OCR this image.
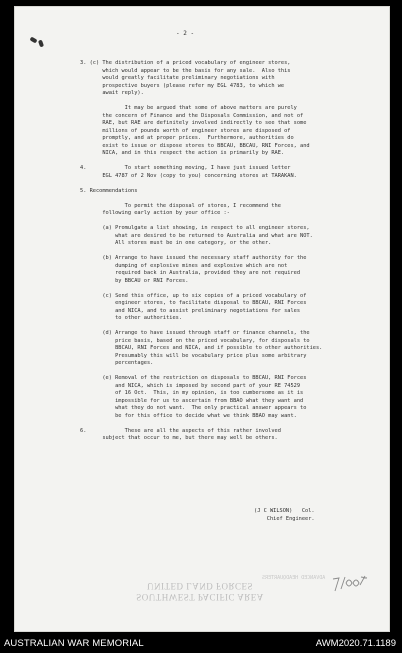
- 2 -
3. (c) The distribution of a priced vocabulary of engineer stores,
which would appear to be the basis for any sale.  Also this
would greatly facilitate preliminary negotiations with
prospective buyers (please refer my EGL 4783, to which we
await reply).
It may be argued that some of above matters are purely
the concern of Finance and the Disposals Commission, and not of
RAE, but RAE are definitely involved indirectly to see that some
millions of pounds worth of engineer stores are disposed of
promptly, and at proper prices.  Furthermore, authorities do
exist to issue or dispose stores to BBCAU, BBCAU, RNI Forces, and
NICA, and in this respect the action is primarily by RAE.
4.            To start something moving, I have just issued letter
EGL 4787 of 2 Nov (copy to you) concerning stores at TARAKAN.
5. Recommendations
To permit the disposal of stores, I recommend the
following early action by your office :-
(a) Promulgate a list showing, in respect to all engineer stores,
what are desired to be returned to Australia and what are NOT.
All stores must be in one category, or the other.
(b) Arrange to have issued the necessary staff authority for the
dumping of explosive mines and explosive which are not
required back in Australia, provided they are not required
by BBCAU or RNI Forces.
(c) Send this office, up to six copies of a priced vocabulary of
engineer stores, to facilitate disposal to BBCAU, RNI Forces
and NICA, and to assist preliminary negotiations for sales
to other authorities.
(d) Arrange to have issued through staff or finance channels, the
price basis, based on the priced vocabulary, for disposals to
BBCAU, RNI Forces and NICA, and if possible to other authorities.
Presumably this will be vocabulary price plus some arbitrary
percentages.
(e) Removal of the restriction on disposals to BBCAU, RNI Forces
and NICA, which is imposed by second part of your RE 74529
of 16 Oct.  This, in my opinion, is too cumbersome as it is
impossible for us to ascertain from BBAO what they want and
what they do not want.  The only practical answer appears to
be for this office to decide what we think BBAO may want.
6.            These are all the aspects of this rather involved
subject that occur to me, but there may well be others.
(J C WILSON)   Col.
Chief Engineer.
SOUTHWEST PACIFIC AREA
UNITED LAND FORCES
ADVANCED HEADQUARTERS
AUSTRALIAN WAR MEMORIAL	AWM2020.71.1189
